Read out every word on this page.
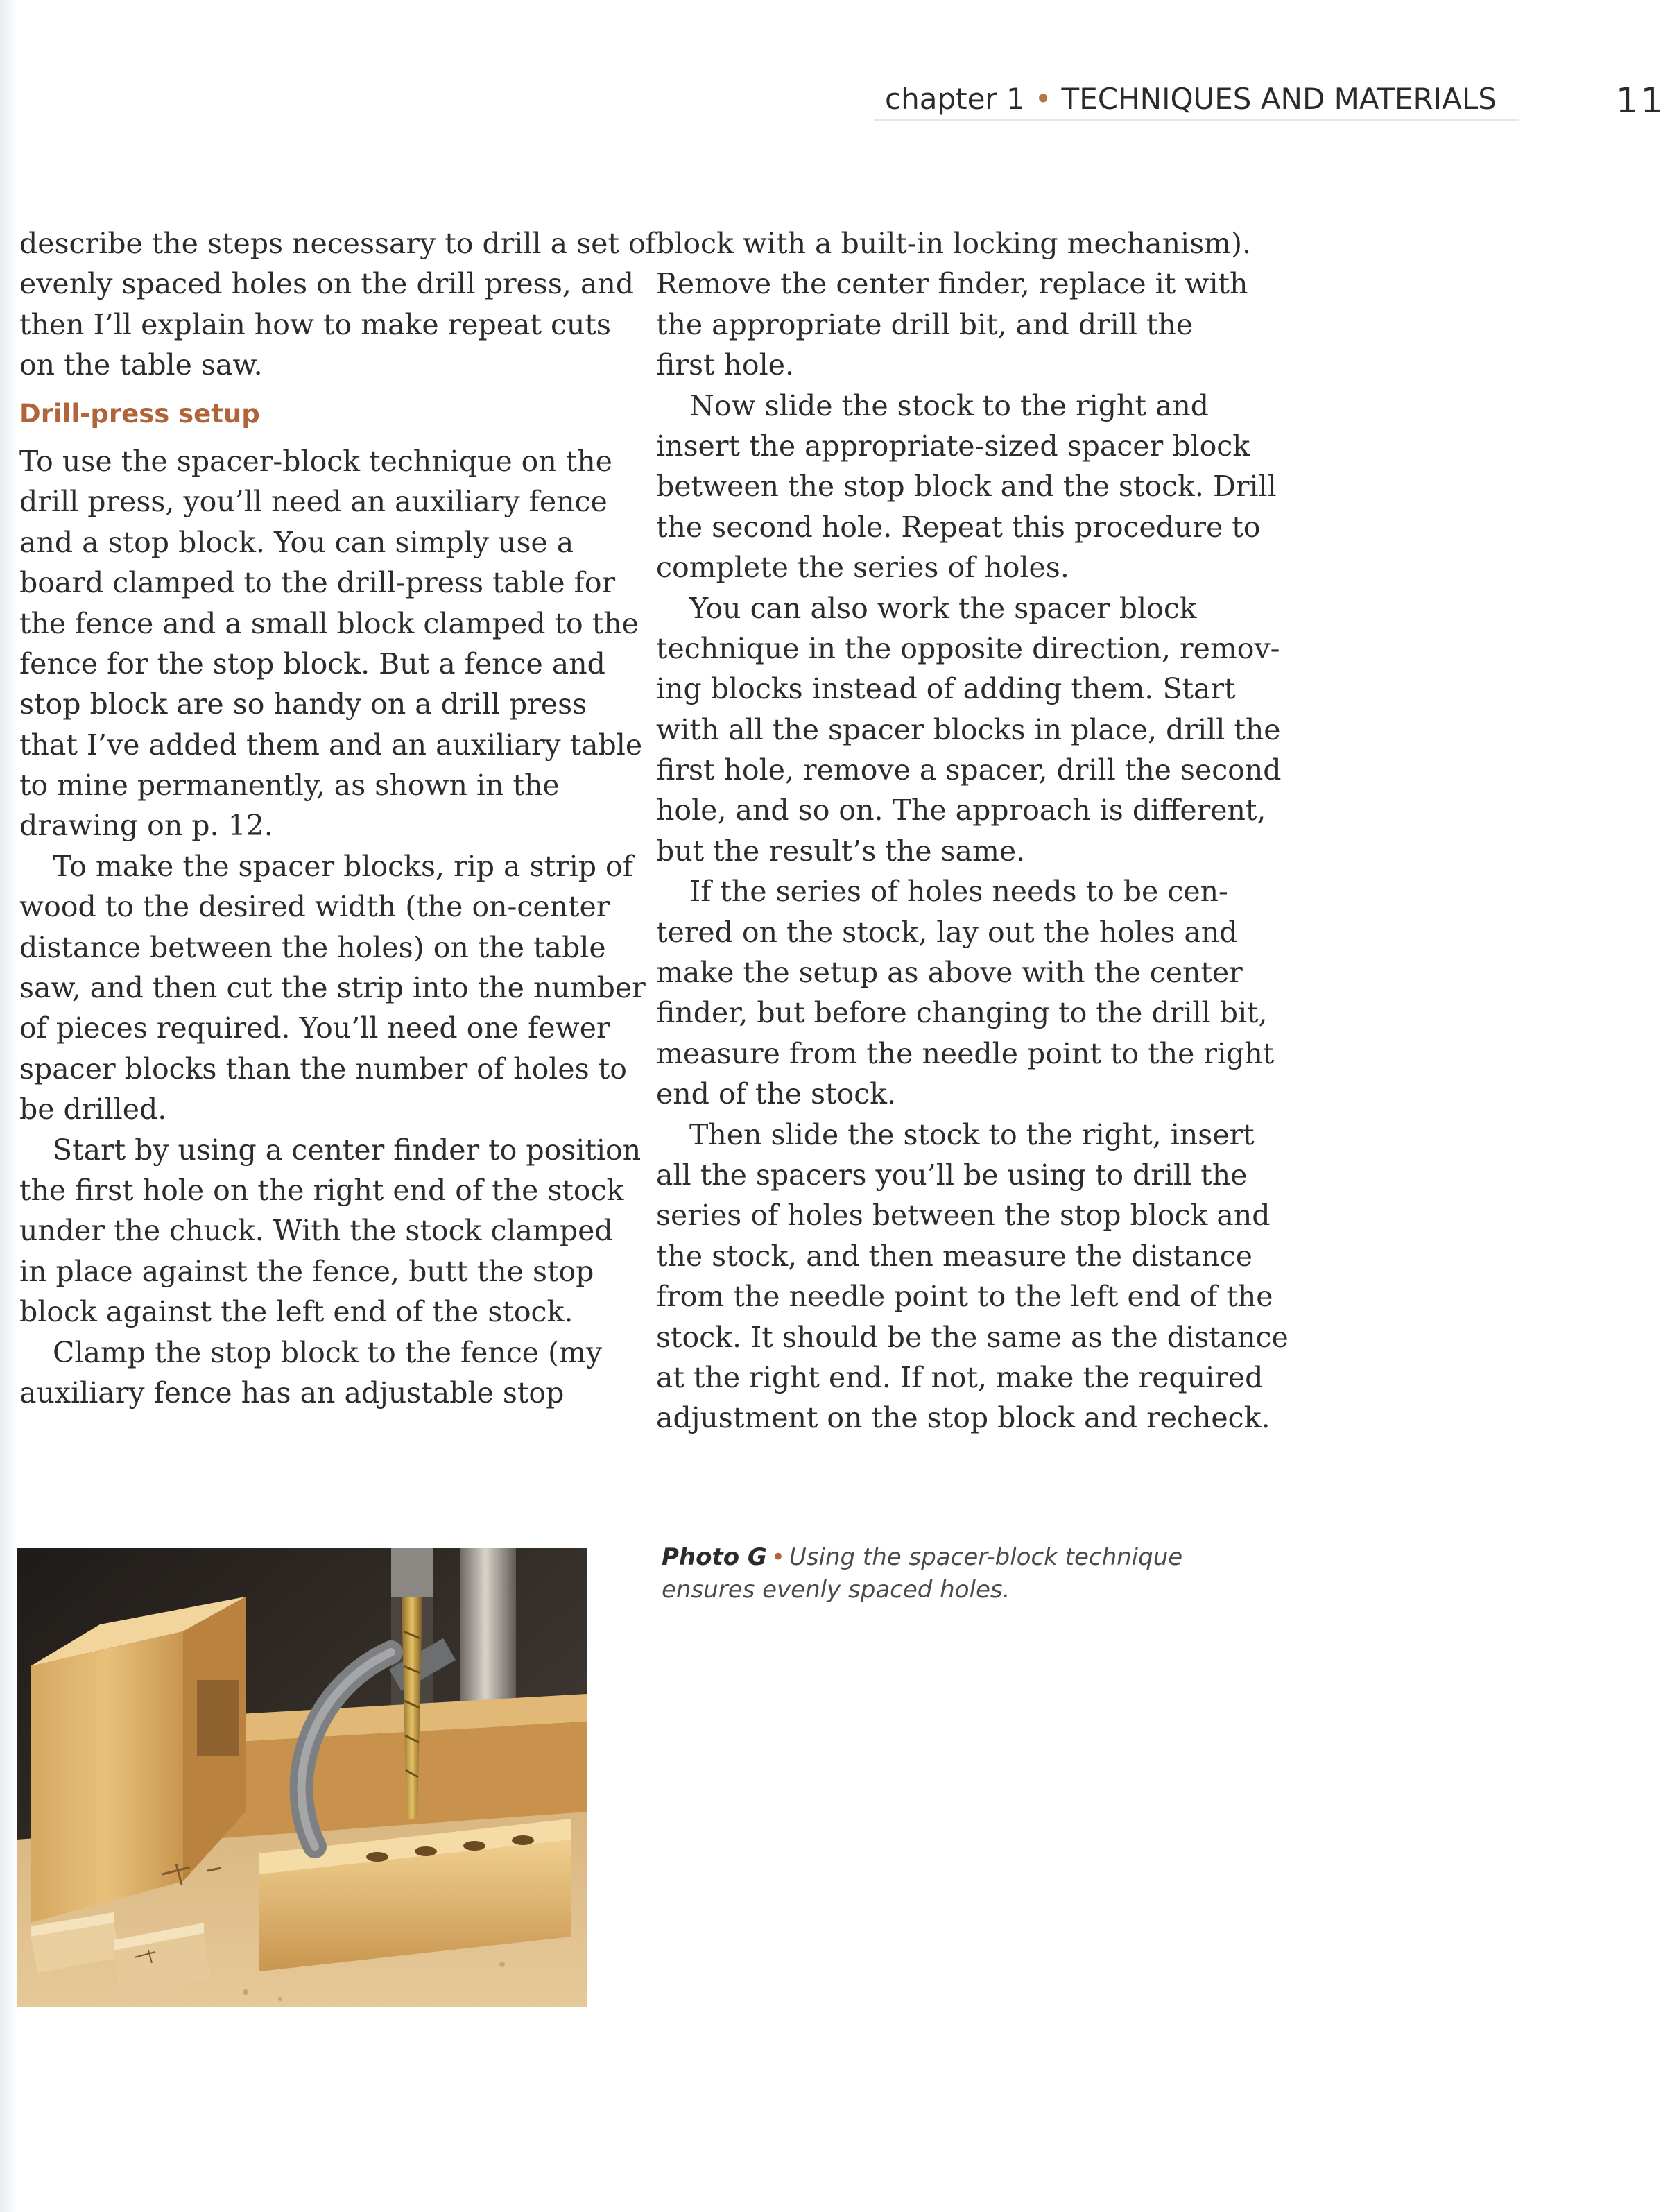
chapter 1 • TECHNIQUES AND MATERIALS	11
describe the steps necessary to drill a set of
evenly spaced holes on the drill press, and
then I’ll explain how to make repeat cuts
on the table saw.
Drill-press setup
To use the spacer-block technique on the
drill press, you’ll need an auxiliary fence
and a stop block. You can simply use a
board clamped to the drill-press table for
the fence and a small block clamped to the
fence for the stop block. But a fence and
stop block are so handy on a drill press
that I’ve added them and an auxiliary table
to mine permanently, as shown in the
drawing on p. 12.
To make the spacer blocks, rip a strip of
wood to the desired width (the on-center
distance between the holes) on the table
saw, and then cut the strip into the number
of pieces required. You’ll need one fewer
spacer blocks than the number of holes to
be drilled.
Start by using a center finder to position
the first hole on the right end of the stock
under the chuck. With the stock clamped
in place against the fence, butt the stop
block against the left end of the stock.
Clamp the stop block to the fence (my
auxiliary fence has an adjustable stop
block with a built-in locking mechanism).
Remove the center finder, replace it with
the appropriate drill bit, and drill the
first hole.
Now slide the stock to the right and
insert the appropriate-sized spacer block
between the stop block and the stock. Drill
the second hole. Repeat this procedure to
complete the series of holes.
You can also work the spacer block
technique in the opposite direction, remov-
ing blocks instead of adding them. Start
with all the spacer blocks in place, drill the
first hole, remove a spacer, drill the second
hole, and so on. The approach is different,
but the result’s the same.
If the series of holes needs to be cen-
tered on the stock, lay out the holes and
make the setup as above with the center
finder, but before changing to the drill bit,
measure from the needle point to the right
end of the stock.
Then slide the stock to the right, insert
all the spacers you’ll be using to drill the
series of holes between the stop block and
the stock, and then measure the distance
from the needle point to the left end of the
stock. It should be the same as the distance
at the right end. If not, make the required
adjustment on the stop block and recheck.
Photo G • Using the spacer-block technique
ensures evenly spaced holes.
